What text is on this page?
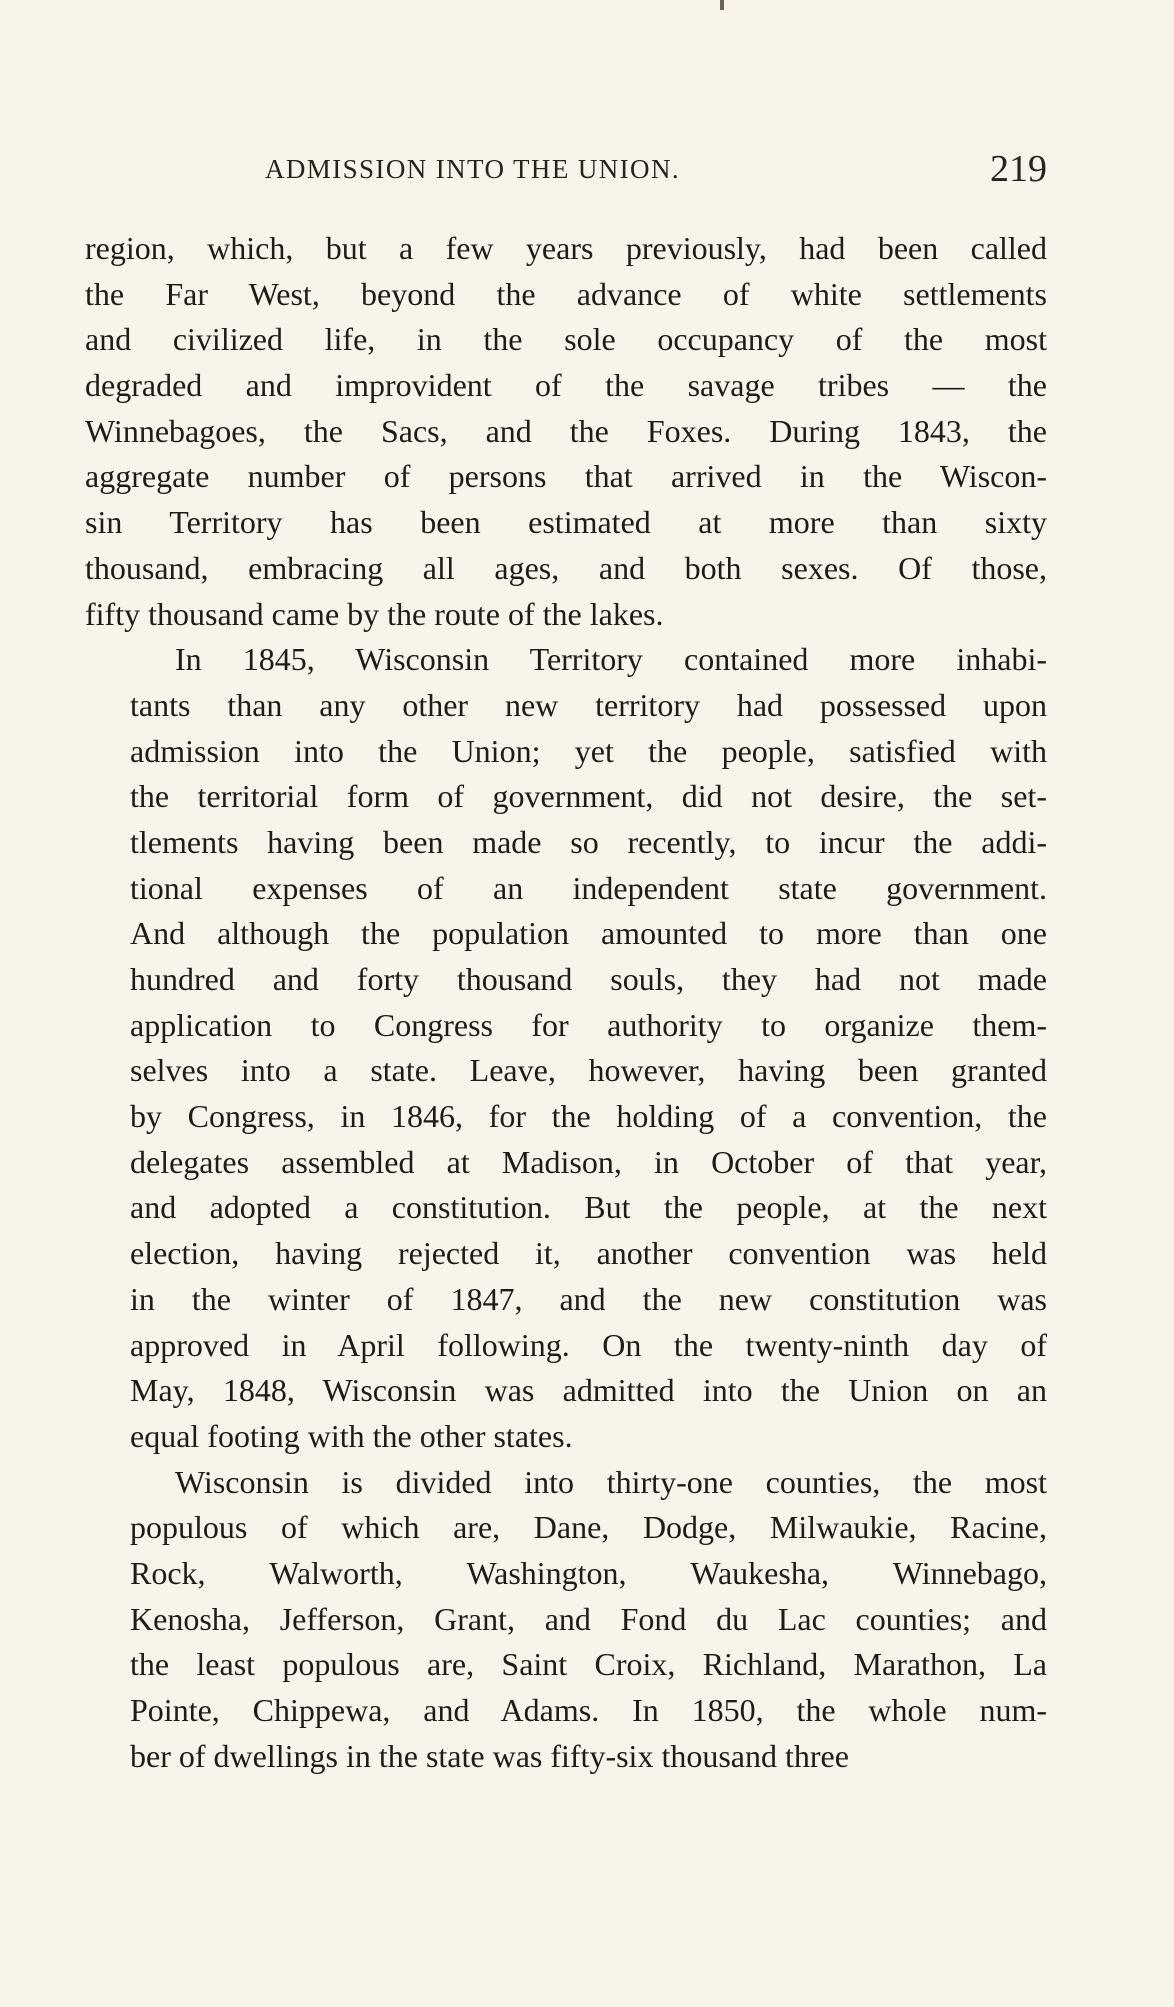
ADMISSION INTO THE UNION.	219
region, which, but a few years previously, had been called
the Far West, beyond the advance of white settlements
and civilized life, in the sole occupancy of the most
degraded and improvident of the savage tribes — the
Winnebagoes, the Sacs, and the Foxes. During 1843, the
aggregate number of persons that arrived in the Wiscon-
sin Territory has been estimated at more than sixty
thousand, embracing all ages, and both sexes. Of those,
fifty thousand came by the route of the lakes.
In 1845, Wisconsin Territory contained more inhabi-
tants than any other new territory had possessed upon
admission into the Union; yet the people, satisfied with
the territorial form of government, did not desire, the set-
tlements having been made so recently, to incur the addi-
tional expenses of an independent state government.
And although the population amounted to more than one
hundred and forty thousand souls, they had not made
application to Congress for authority to organize them-
selves into a state. Leave, however, having been granted
by Congress, in 1846, for the holding of a convention, the
delegates assembled at Madison, in October of that year,
and adopted a constitution. But the people, at the next
election, having rejected it, another convention was held
in the winter of 1847, and the new constitution was
approved in April following. On the twenty-ninth day of
May, 1848, Wisconsin was admitted into the Union on an
equal footing with the other states.
Wisconsin is divided into thirty-one counties, the most
populous of which are, Dane, Dodge, Milwaukie, Racine,
Rock, Walworth, Washington, Waukesha, Winnebago,
Kenosha, Jefferson, Grant, and Fond du Lac counties; and
the least populous are, Saint Croix, Richland, Marathon, La
Pointe, Chippewa, and Adams. In 1850, the whole num-
ber of dwellings in the state was fifty-six thousand three
